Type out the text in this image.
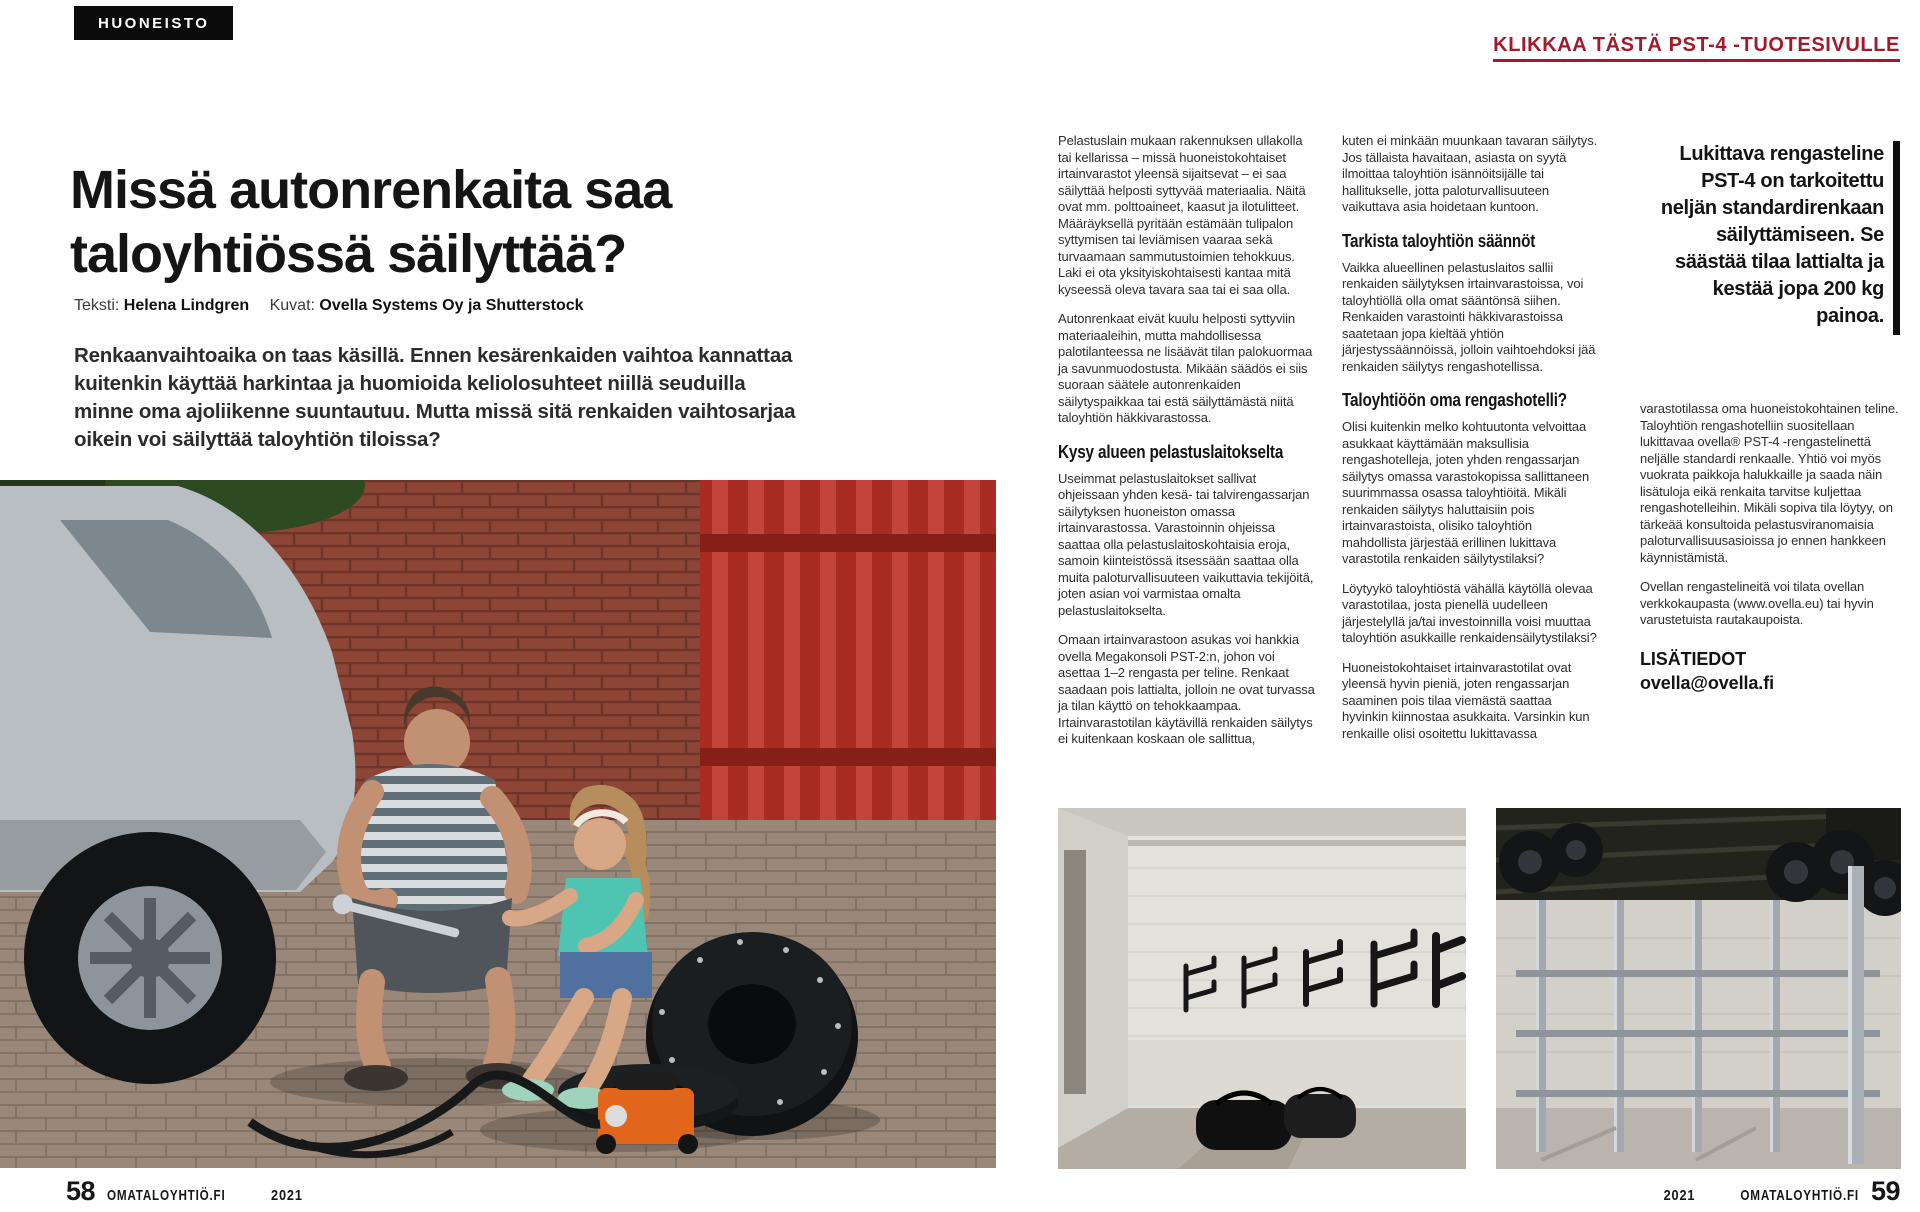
HUONEISTO
KLIKKAA TÄSTÄ PST-4 -TUOTESIVULLE
Missä autonrenkaita saa taloyhtiössä säilyttää?
Teksti: Helena Lindgren Kuvat: Ovella Systems Oy ja Shutterstock
Renkaanvaihtoaika on taas käsillä. Ennen kesärenkaiden vaihtoa kannattaa kuitenkin käyttää harkintaa ja huomioida keliolosuhteet niillä seuduilla minne oma ajoliikenne suuntautuu. Mutta missä sitä renkaiden vaihtosarjaa oikein voi säilyttää taloyhtiön tiloissa?
58 OMATALOYHTIÖ.FI	2021

Pelastuslain mukaan rakennuksen ullakolla tai kellarissa – missä huoneistokohtaiset irtainvarastot yleensä sijaitsevat – ei saa säilyttää helposti syttyvää materiaalia. Näitä ovat mm. polttoaineet, kaasut ja ilotulitteet. Määräyksellä pyritään estämään tulipalon syttymisen tai leviämisen vaaraa sekä turvaamaan sammutustoimien tehokkuus. Laki ei ota yksityiskohtaisesti kantaa mitä kyseessä oleva tavara saa tai ei saa olla.

Autonrenkaat eivät kuulu helposti syttyviin materiaaleihin, mutta mahdollisessa palotilanteessa ne lisäävät tilan palokuormaa ja savunmuodostusta. Mikään säädös ei siis suoraan säätele autonrenkaiden säilytyspaikkaa tai estä säilyttämästä niitä taloyhtiön häkkivarastossa.

Kysy alueen pelastuslaitokselta

Useimmat pelastuslaitokset sallivat ohjeissaan yhden kesä- tai talvirengassarjan säilytyksen huoneiston omassa irtainvarastossa. Varastoinnin ohjeissa saattaa olla pelastuslaitoskohtaisia eroja, samoin kiinteistössä itsessään saattaa olla muita paloturvallisuuteen vaikuttavia tekijöitä, joten asian voi varmistaa omalta pelastuslaitokselta.

Omaan irtainvarastoon asukas voi hankkia ovella Megakonsoli PST-2:n, johon voi asettaa 1–2 rengasta per teline. Renkaat saadaan pois lattialta, jolloin ne ovat turvassa ja tilan käyttö on tehokkaampaa. Irtainvarastotilan käytävillä renkaiden säilytys ei kuitenkaan koskaan ole sallittua,

kuten ei minkään muunkaan tavaran säilytys. Jos tällaista havaitaan, asiasta on syytä ilmoittaa taloyhtiön isännöitsijälle tai hallitukselle, jotta paloturvallisuuteen vaikuttava asia hoidetaan kuntoon.

Tarkista taloyhtiön säännöt

Vaikka alueellinen pelastuslaitos sallii renkaiden säilytyksen irtainvarastoissa, voi taloyhtiöllä olla omat sääntönsä siihen. Renkaiden varastointi häkkivarastoissa saatetaan jopa kieltää yhtiön järjestyssäännöissä, jolloin vaihtoehdoksi jää renkaiden säilytys rengashotellissa.

Taloyhtiöön oma rengashotelli?

Olisi kuitenkin melko kohtuutonta velvoittaa asukkaat käyttämään maksullisia rengashotelleja, joten yhden rengassarjan säilytys omassa varastokopissa sallittaneen suurimmassa osassa taloyhtiöitä. Mikäli renkaiden säilytys haluttaisiin pois irtainvarastoista, olisiko taloyhtiön mahdollista järjestää erillinen lukittava varastotila renkaiden säilytystilaksi?

Löytyykö taloyhtiöstä vähällä käytöllä olevaa varastotilaa, josta pienellä uudelleen järjestelyllä ja/tai investoinnilla voisi muuttaa taloyhtiön asukkaille renkaidensäilytystilaksi?

Huoneistokohtaiset irtainvarastotilat ovat yleensä hyvin pieniä, joten rengassarjan saaminen pois tilaa viemästä saattaa hyvinkin kiinnostaa asukkaita. Varsinkin kun renkaille olisi osoitettu lukittavassa

Lukittava rengasteline PST-4 on tarkoitettu neljän standardirenkaan säilyttämiseen. Se säästää tilaa lattialta ja kestää jopa 200 kg painoa.

varastotilassa oma huoneistokohtainen teline. Taloyhtiön rengashotelliin suositellaan lukittavaa ovella® PST-4 -rengastelinettä neljälle standardi renkaalle. Yhtiö voi myös vuokrata paikkoja halukkaille ja saada näin lisätuloja eikä renkaita tarvitse kuljettaa rengashotelleihin. Mikäli sopiva tila löytyy, on tärkeää konsultoida pelastusviranomaisia paloturvallisuusasioissa jo ennen hankkeen käynnistämistä.

Ovellan rengastelineitä voi tilata ovellan verkkokaupasta (www.ovella.eu) tai hyvin varustetuista rautakaupoista.

LISÄTIEDOT
ovella@ovella.fi
2021	OMATALOYHTIÖ.FI 59
